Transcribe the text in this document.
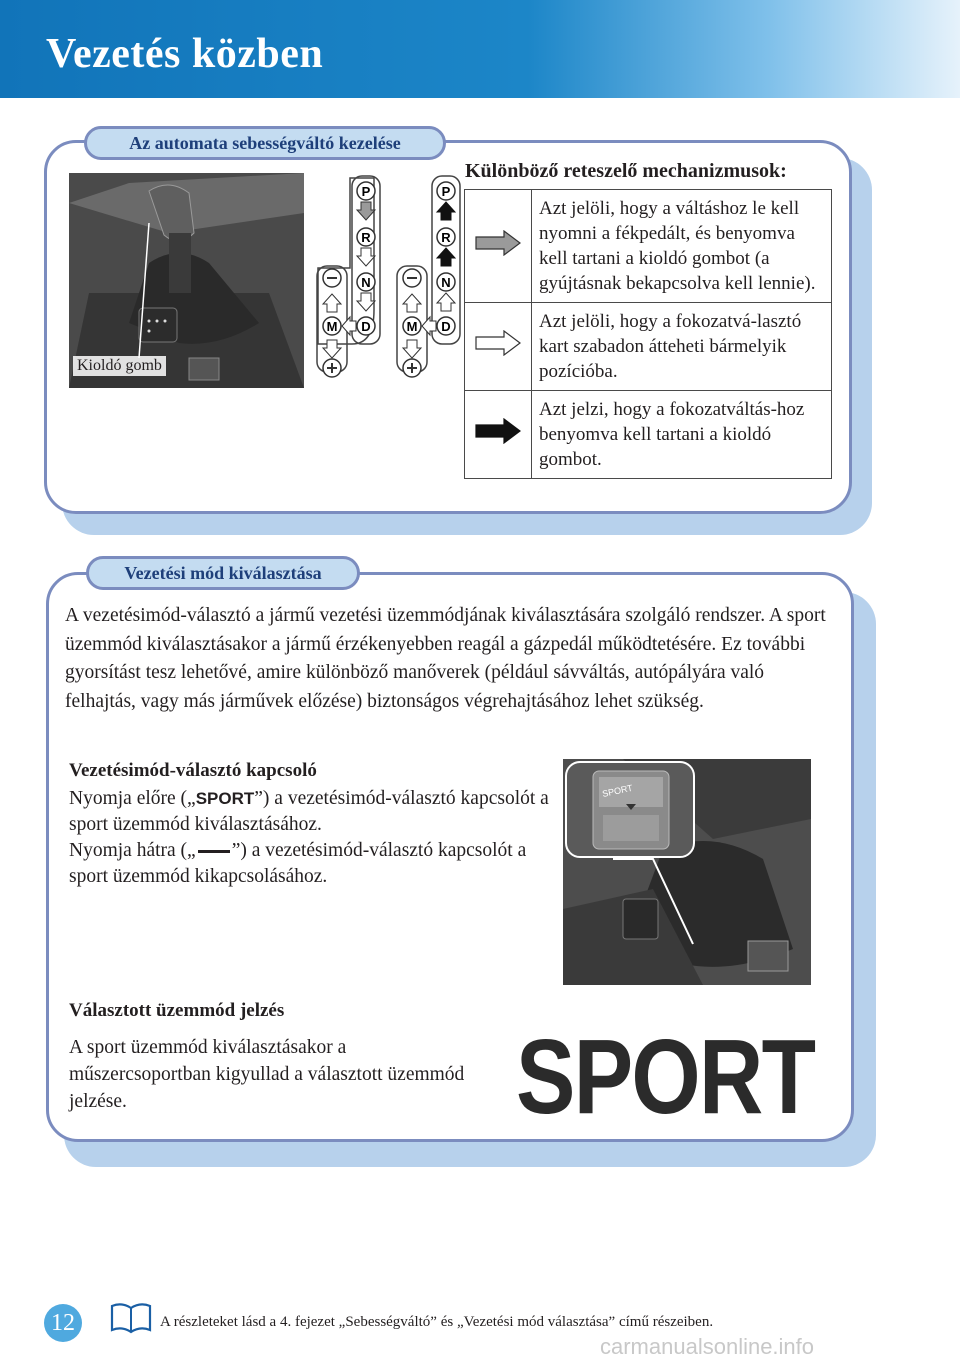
Vezetés közben
Az automata sebességváltó kezelése
Kioldó gomb
P
R
N
D
M
P
R
N
D
M
Különböző reteszelő mechanizmusok:
	Azt jelöli, hogy a váltáshoz le kell nyomni a fékpedált, és benyomva kell tartani a kioldó gombot (a gyújtásnak bekapcsolva kell lennie).
	Azt jelöli, hogy a fokozatvá-lasztó kart szabadon átteheti bármelyik pozícióba.
	Azt jelzi, hogy a fokozatváltás-hoz benyomva kell tartani a kioldó gombot.
Vezetési mód kiválasztása
A vezetésimód-választó a jármű vezetési üzemmódjának kiválasztására szolgáló rendszer. A sport üzemmód kiválasztásakor a jármű érzékenyebben reagál a gázpedál működtetésére. Ez további gyorsítást tesz lehetővé, amire különböző manőverek (például sávváltás, autópályára való felhajtás, vagy más járművek előzése) biztonságos végrehajtásához lehet szükség.
Vezetésimód-választó kapcsoló
Nyomja előre („SPORT”) a vezetésimód-választó kapcsolót a sport üzemmód kiválasztásához.
Nyomja hátra („ ”) a vezetésimód-választó kapcsolót a sport üzemmód kikapcsolásához.
SPORT
Választott üzemmód jelzés
A sport üzemmód kiválasztásakor a műszercsoportban kigyullad a választott üzemmód jelzése.	SPORT
12	A részleteket lásd a 4. fejezet „Sebességváltó” és „Vezetési mód választása” című részeiben.
carmanualsonline.info
